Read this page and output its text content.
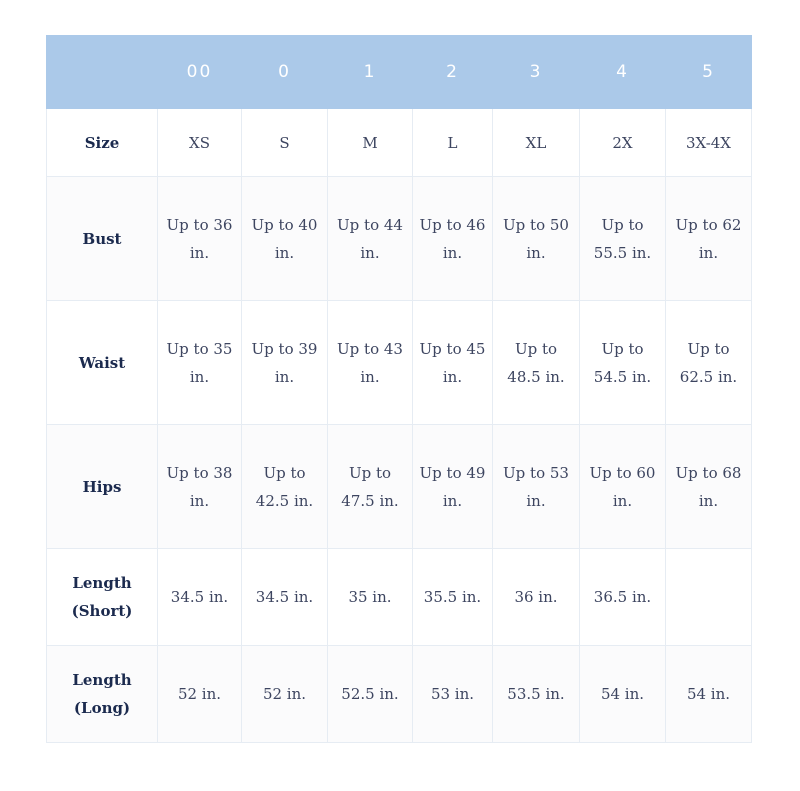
	00	0	1	2	3	4	5
Size	XS	S	M	L	XL	2X	3X-4X
Bust	Up to 36 in.	Up to 40 in.	Up to 44 in.	Up to 46 in.	Up to 50 in.	Up to 55.5 in.	Up to 62 in.
Waist	Up to 35 in.	Up to 39 in.	Up to 43 in.	Up to 45 in.	Up to 48.5 in.	Up to 54.5 in.	Up to 62.5 in.
Hips	Up to 38 in.	Up to 42.5 in.	Up to 47.5 in.	Up to 49 in.	Up to 53 in.	Up to 60 in.	Up to 68 in.
Length (Short)	34.5 in.	34.5 in.	35 in.	35.5 in.	36 in.	36.5 in.	
Length (Long)	52 in.	52 in.	52.5 in.	53 in.	53.5 in.	54 in.	54 in.
